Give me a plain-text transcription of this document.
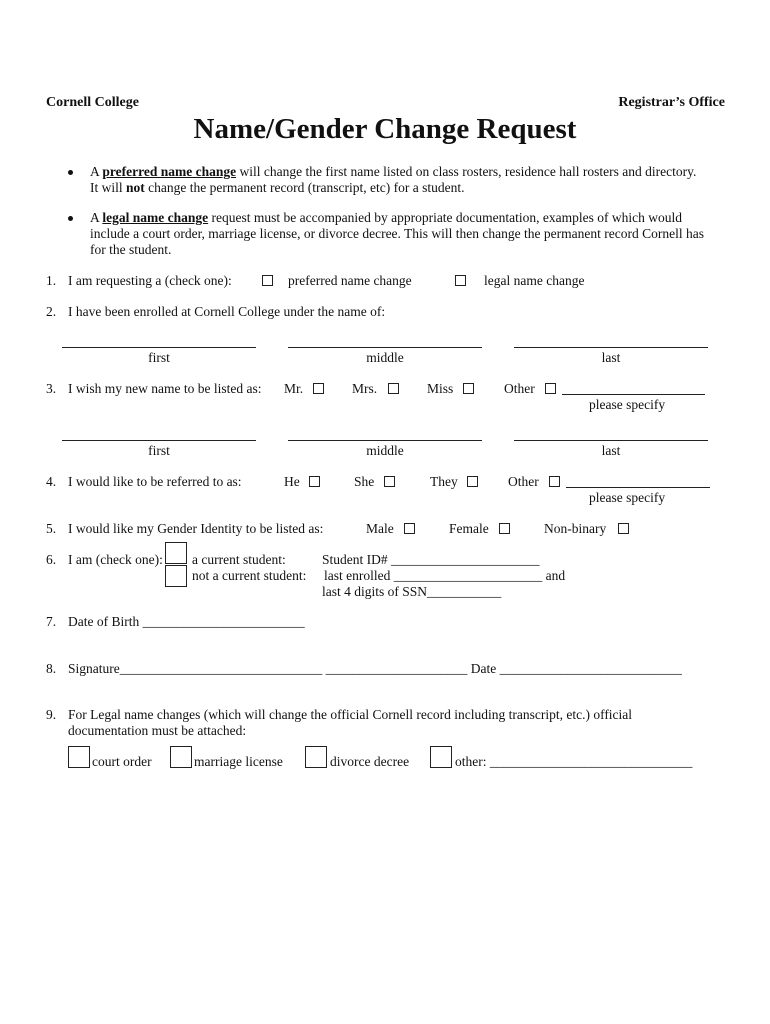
Cornell College	Registrar’s Office
Name/Gender Change Request
A preferred name change will change the first name listed on class rosters, residence hall rosters and directory.
It will not change the permanent record (transcript, etc) for a student.
A legal name change request must be accompanied by appropriate documentation, examples of which would
include a court order, marriage license, or divorce decree. This will then change the permanent record Cornell has
for the student.
1. I am requesting a (check one):	preferred name change	legal name change
2. I have been enrolled at Cornell College under the name of:
first	middle	last
3. I wish my new name to be listed as: Mr.	Mrs.	Miss	Other
please specify
first	middle	last
4. I would like to be referred to as:	He	She	They	Other
please specify
5. I would like my Gender Identity to be listed as:	Male	Female	Non-binary
6. I am (check one): a current student:
not a current student:
Student ID# ______________________
last enrolled ______________________ and
last 4 digits of SSN___________
7. Date of Birth ________________________
8. Signature______________________________ _____________________ Date ___________________________
9. For Legal name changes (which will change the official Cornell record including transcript, etc.) official
documentation must be attached:
court order	marriage license	divorce decree	other: ______________________________
